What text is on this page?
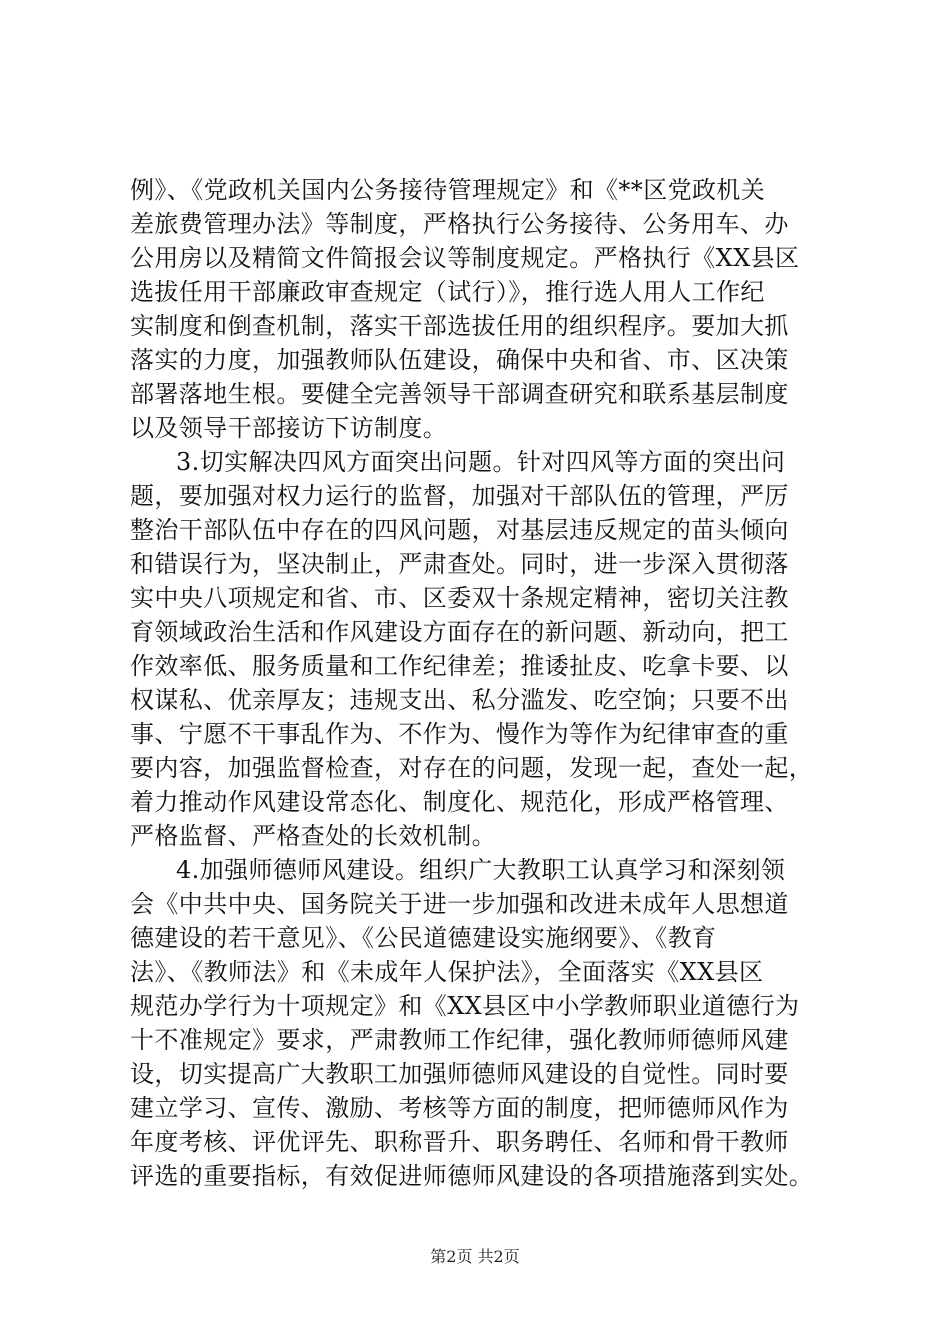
例》、《党政机关国内公务接待管理规定》和《**区党政机关
差旅费管理办法》等制度，严格执行公务接待、公务用车、办
公用房以及精简文件简报会议等制度规定。严格执行《XX县区
选拔任用干部廉政审查规定（试行）》，推行选人用人工作纪
实制度和倒查机制，落实干部选拔任用的组织程序。要加大抓
落实的力度，加强教师队伍建设，确保中央和省、市、区决策
部署落地生根。要健全完善领导干部调查研究和联系基层制度
以及领导干部接访下访制度。
3.切实解决四风方面突出问题。针对四风等方面的突出问
题，要加强对权力运行的监督，加强对干部队伍的管理，严厉
整治干部队伍中存在的四风问题，对基层违反规定的苗头倾向
和错误行为，坚决制止，严肃查处。同时，进一步深入贯彻落
实中央八项规定和省、市、区委双十条规定精神，密切关注教
育领域政治生活和作风建设方面存在的新问题、新动向，把工
作效率低、服务质量和工作纪律差；推诿扯皮、吃拿卡要、以
权谋私、优亲厚友；违规支出、私分滥发、吃空饷；只要不出
事、宁愿不干事乱作为、不作为、慢作为等作为纪律审查的重
要内容，加强监督检查，对存在的问题，发现一起，查处一起，
着力推动作风建设常态化、制度化、规范化，形成严格管理、
严格监督、严格查处的长效机制。
4.加强师德师风建设。组织广大教职工认真学习和深刻领
会《中共中央、国务院关于进一步加强和改进未成年人思想道
德建设的若干意见》、《公民道德建设实施纲要》、《教育
法》、《教师法》和《未成年人保护法》，全面落实《XX县区
规范办学行为十项规定》和《XX县区中小学教师职业道德行为
十不准规定》要求，严肃教师工作纪律，强化教师师德师风建
设，切实提高广大教职工加强师德师风建设的自觉性。同时要
建立学习、宣传、激励、考核等方面的制度，把师德师风作为
年度考核、评优评先、职称晋升、职务聘任、名师和骨干教师
评选的重要指标，有效促进师德师风建设的各项措施落到实处。
第2页 共2页
